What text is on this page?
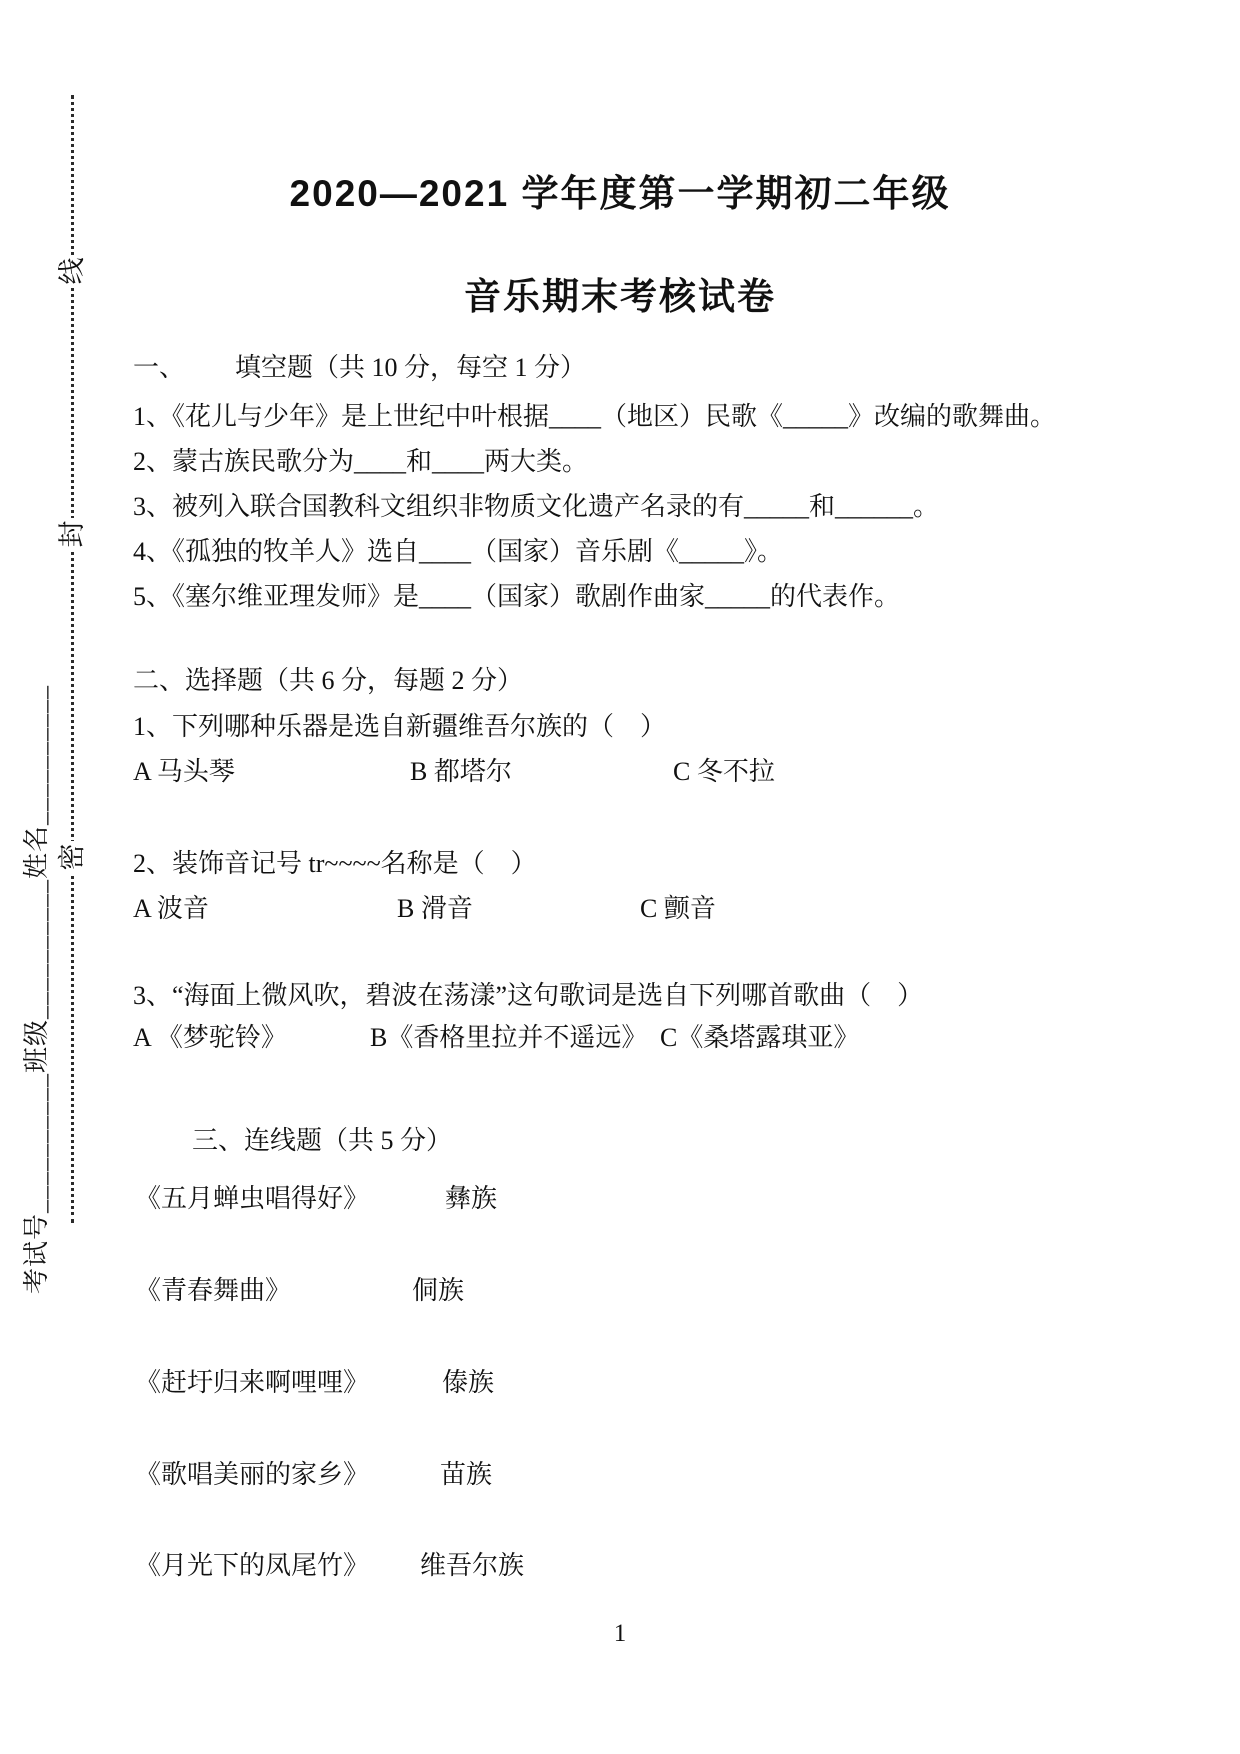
线
封
密
考试号__________班级__________姓名__________
2020—2021 学年度第一学期初二年级
音乐期末考核试卷
一、 填空题（共 10 分，每空 1 分）
1、《花儿与少年》是上世纪中叶根据____（地区）民歌《_____》改编的歌舞曲。
2、蒙古族民歌分为____和____两大类。
3、被列入联合国教科文组织非物质文化遗产名录的有_____和______。
4、《孤独的牧羊人》选自____（国家）音乐剧《_____》。
5、《塞尔维亚理发师》是____（国家）歌剧作曲家_____的代表作。
二、选择题（共 6 分，每题 2 分）
1、下列哪种乐器是选自新疆维吾尔族的（　）
A 马头琴	B 都塔尔	C 冬不拉
2、装饰音记号 tr~~~~名称是（　）
A 波音	B 滑音	C 颤音
3、“海面上微风吹，碧波在荡漾”这句歌词是选自下列哪首歌曲（　）
A 《梦驼铃》	B《香格里拉并不遥远》 C《桑塔露琪亚》
三、连线题（共 5 分）
《五月蝉虫唱得好》	彝族
《青春舞曲》	侗族
《赶圩归来啊哩哩》	傣族
《歌唱美丽的家乡》	苗族
《月光下的凤尾竹》 维吾尔族
1
